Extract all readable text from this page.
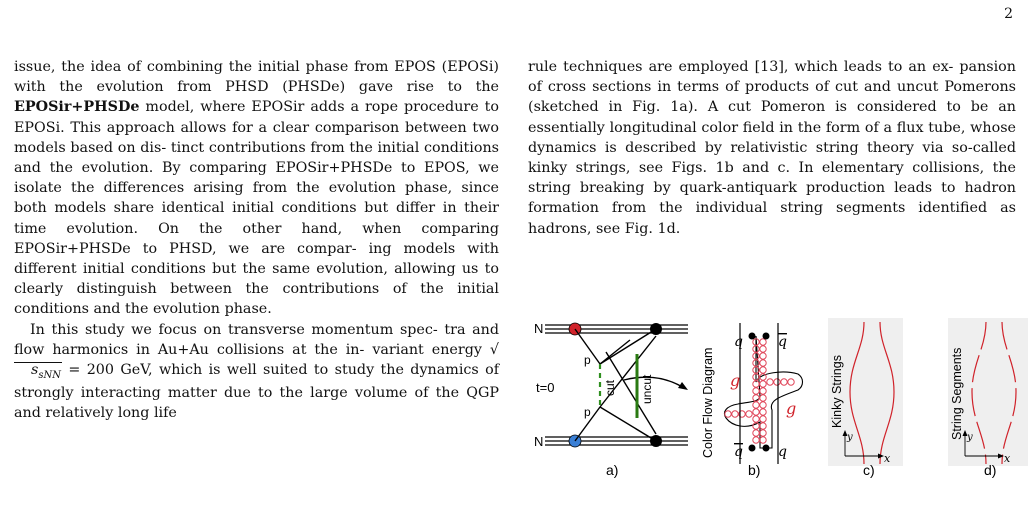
2

issue, the idea of combining the initial phase from EPOS (EPOSi) with the evolution from PHSD (PHSDe) gave rise to the EPOSir+PHSDe model, where EPOSir adds a rope procedure to EPOSi. This approach allows for a clear comparison between two models based on dis- tinct contributions from the initial conditions and the evolution. By comparing EPOSir+PHSDe to EPOS, we isolate the differences arising from the evolution phase, since both models share identical initial conditions but differ in their time evolution. On the other hand, when comparing EPOSir+PHSDe to PHSD, we are compar- ing models with different initial conditions but the same evolution, allowing us to clearly distinguish between the contributions of the initial conditions and the evolution phase.

In this study we focus on transverse momentum spec- tra and flow harmonics in Au+Au collisions at the in- variant energy $√s_{sNN} = 200$ GeV, which is well suited to study the dynamics of strongly interacting matter due to the large volume of the QGP and relatively long life

rule techniques are employed [13], which leads to an ex- pansion of cross sections in terms of products of cut and uncut Pomerons (sketched in Fig. 1a). A cut Pomeron is considered to be an essentially longitudinal color field in the form of a flux tube, whose dynamics is described by relativistic string theory via so-called kinky strings, see Figs. 1b and c. In elementary collisions, the string breaking by quark-antiquark production leads to hadron formation from the individual string segments identified as hadrons, see Fig. 1d.

N
N
p
p
t=0	cut uncut
a)
Color Flow Diagram
q	q
q	q
g
g
b)
Kinky Strings
x
y
c)
String Segments
x
y
d)
